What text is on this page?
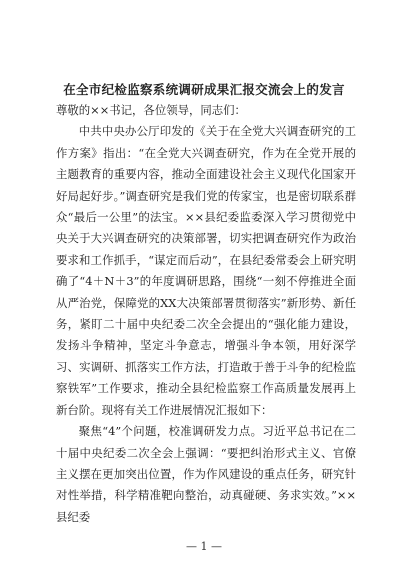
在全市纪检监察系统调研成果汇报交流会上的发言

尊敬的××书记，各位领导，同志们：

中共中央办公厅印发的《关于在全党大兴调查研究的工作方案》指出：“在全党大兴调查研究，作为在全党开展的主题教育的重要内容，推动全面建设社会主义现代化国家开好局起好步。”调查研究是我们党的传家宝，也是密切联系群众“最后一公里”的法宝。××县纪委监委深入学习贯彻党中央关于大兴调查研究的决策部署，切实把调查研究作为政治要求和工作抓手，“谋定而后动”，在县纪委常委会上研究明确了“4＋N＋3”的年度调研思路，围绕“一刻不停推进全面从严治党，保障党的XX大决策部署贯彻落实”新形势、新任务，紧盯二十届中央纪委二次全会提出的“强化能力建设，发扬斗争精神，坚定斗争意志，增强斗争本领，用好深学习、实调研、抓落实工作方法，打造敢于善于斗争的纪检监察铁军”工作要求，推动全县纪检监察工作高质量发展再上新台阶。现将有关工作进展情况汇报如下：

聚焦“4”个问题，校准调研发力点。习近平总书记在二十届中央纪委二次全会上强调：“要把纠治形式主义、官僚主义摆在更加突出位置，作为作风建设的重点任务，研究针对性举措，科学精准靶向整治，动真碰硬、务求实效。”××县纪委

— 1 —
